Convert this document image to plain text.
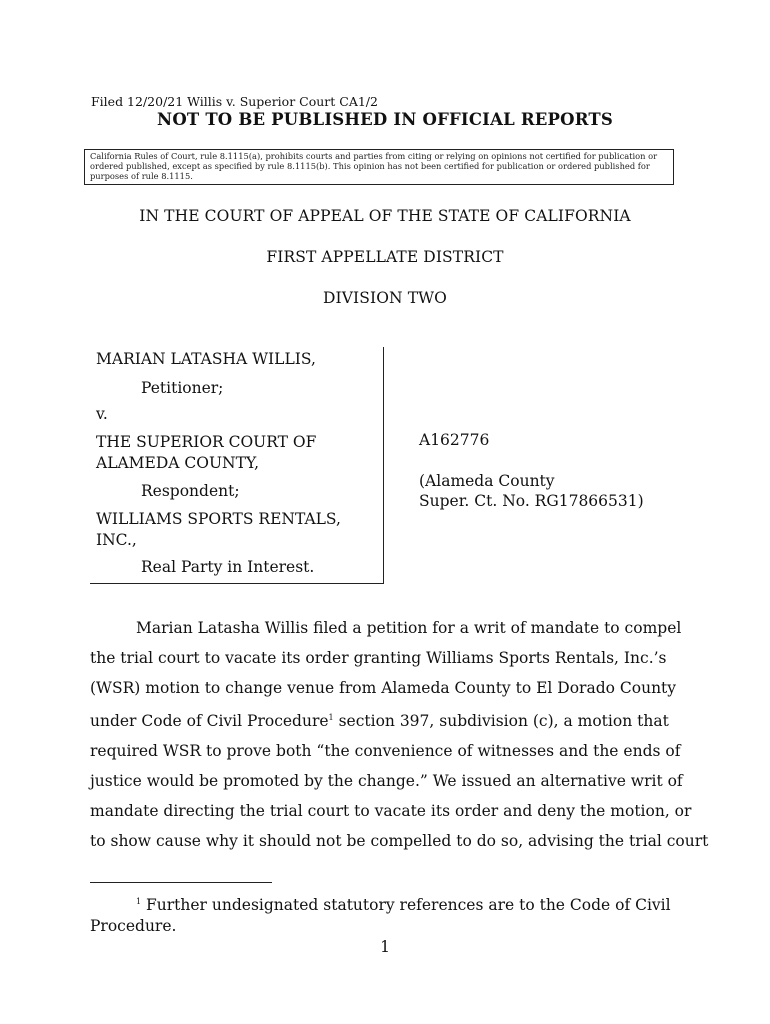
Filed 12/20/21 Willis v. Superior Court CA1/2
NOT TO BE PUBLISHED IN OFFICIAL REPORTS
California Rules of Court, rule 8.1115(a), prohibits courts and parties from citing or relying on opinions not certified for publication or ordered published, except as specified by rule 8.1115(b). This opinion has not been certified for publication or ordered published for purposes of rule 8.1115.
IN THE COURT OF APPEAL OF THE STATE OF CALIFORNIA
FIRST APPELLATE DISTRICT
DIVISION TWO
MARIAN LATASHA WILLIS,
Petitioner;
v.
THE SUPERIOR COURT OF
ALAMEDA COUNTY,
Respondent;
WILLIAMS SPORTS RENTALS,
INC.,
Real Party in Interest.
A162776
(Alameda County
Super. Ct. No. RG17866531)

Marian Latasha Willis filed a petition for a writ of mandate to compel

the trial court to vacate its order granting Williams Sports Rentals, Inc.’s

(WSR) motion to change venue from Alameda County to El Dorado County

under Code of Civil Procedure$^1$ section 397, subdivision (c), a motion that

required WSR to prove both “the convenience of witnesses and the ends of

justice would be promoted by the change.” We issued an alternative writ of

mandate directing the trial court to vacate its order and deny the motion, or

to show cause why it should not be compelled to do so, advising the trial court

$^1$ Further undesignated statutory references are to the Code of Civil Procedure.
1
